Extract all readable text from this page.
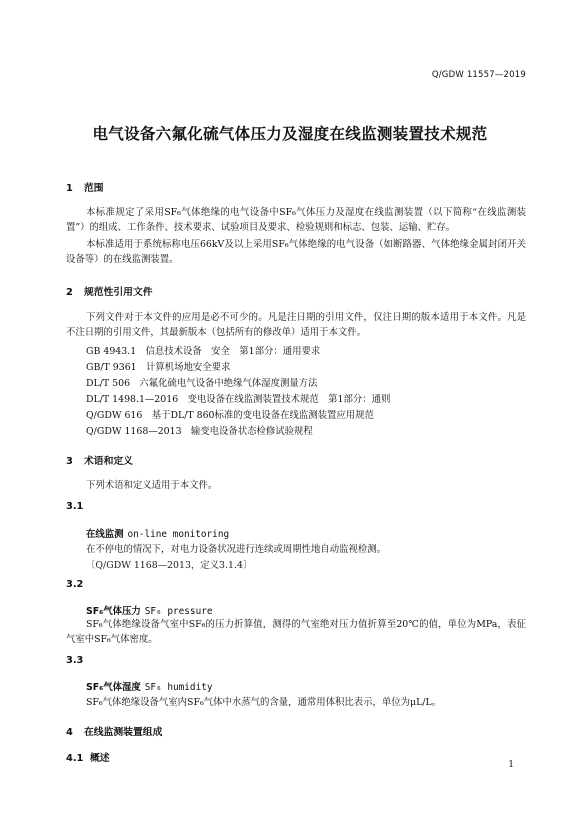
Q/GDW 11557—2019
电气设备六氟化硫气体压力及湿度在线监测装置技术规范
1 范围
本标准规定了采用SF₆气体绝缘的电气设备中SF₆气体压力及湿度在线监测装置（以下简称“在线监测装置”）的组成、工作条件、技术要求、试验项目及要求、检验规则和标志、包装、运输、贮存。
本标准适用于系统标称电压66kV及以上采用SF₆气体绝缘的电气设备（如断路器、气体绝缘金属封闭开关设备等）的在线监测装置。
2 规范性引用文件
下列文件对于本文件的应用是必不可少的。凡是注日期的引用文件，仅注日期的版本适用于本文件。凡是不注日期的引用文件，其最新版本（包括所有的修改单）适用于本文件。
GB 4943.1　信息技术设备　安全　第1部分：通用要求
GB/T 9361　计算机场地安全要求
DL/T 506　六氟化硫电气设备中绝缘气体湿度测量方法
DL/T 1498.1—2016　变电设备在线监测装置技术规范　第1部分：通则
Q/GDW 616　基于DL/T 860标准的变电设备在线监测装置应用规范
Q/GDW 1168—2013　输变电设备状态检修试验规程
3 术语和定义
下列术语和定义适用于本文件。
3.1
在线监测 on-line monitoring
在不停电的情况下，对电力设备状况进行连续或周期性地自动监视检测。
〔Q/GDW 1168—2013，定义3.1.4〕
3.2
SF₆气体压力 SF₆ pressure
SF₆气体绝缘设备气室中SF₆的压力折算值，测得的气室绝对压力值折算至20℃的值，单位为MPa，表征气室中SF₆气体密度。
3.3
SF₆气体湿度 SF₆ humidity
SF₆气体绝缘设备气室内SF₆气体中水蒸气的含量，通常用体积比表示，单位为μL/L。
4 在线监测装置组成
4.1 概述
1
